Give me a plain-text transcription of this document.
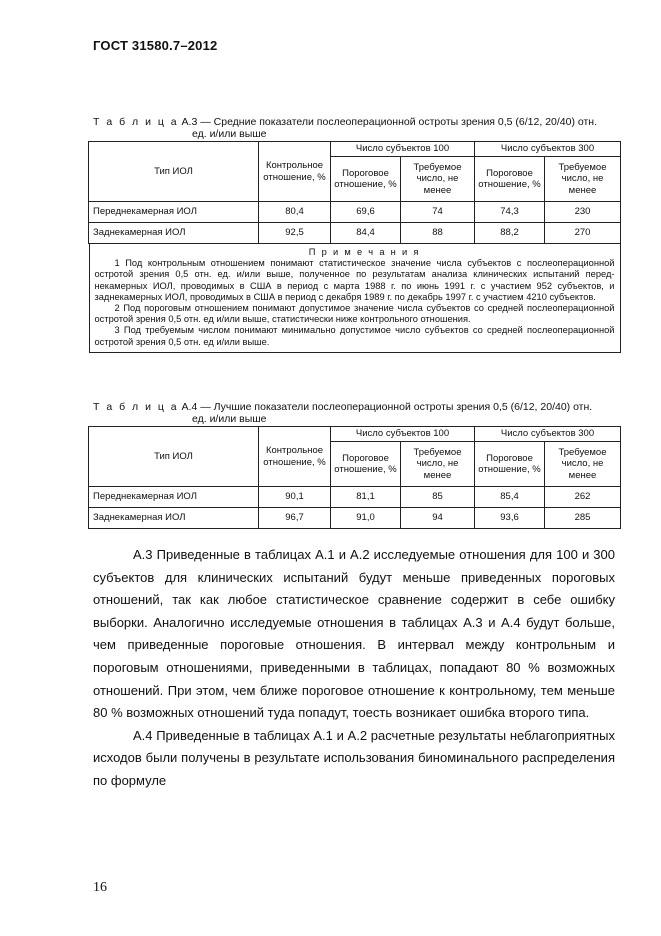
ГОСТ 31580.7–2012
Т а б л и ц а А.3 — Средние показатели послеоперационной остроты зрения 0,5 (6/12, 20/40) отн.
ед. и/или выше
Тип ИОЛ	Контрольное отношение, %	Число субъектов 100		Число субъектов 300	
		Пороговое отношение, %	Требуемое число, не менее	Пороговое отношение, %	Требуемое число, не менее
Переднекамерная ИОЛ	80,4	69,6	74	74,3	230
Заднекамерная ИОЛ	92,5	84,4	88	88,2	270

П р и м е ч а н и я

1 Под контрольным отношением понимают статистическое значение числа субъектов с послеоперационной остротой зрения 0,5 отн. ед. и/или выше, полученное по результатам анализа клинических испытаний перед- некамерных ИОЛ, проводимых в США в период с марта 1988 г. по июнь 1991 г. с участием 952 субъектов, и заднекамерных ИОЛ, проводимых в США в период с декабря 1989 г. по декабрь 1997 г. с участием 4210 субъектов.

2 Под пороговым отношением понимают допустимое значение числа субъектов со средней послеоперационной остротой зрения 0,5 отн. ед и/или выше, статистически ниже контрольного отношения.

3 Под требуемым числом понимают минимально допустимое число субъектов со средней послеоперационной остротой зрения 0,5 отн. ед и/или выше.					

Т а б л и ц а А.4 — Лучшие показатели послеоперационной остроты зрения 0,5 (6/12, 20/40) отн.
ед. и/или выше
Тип ИОЛ	Контрольное отношение, %	Число субъектов 100		Число субъектов 300	
		Пороговое отношение, %	Требуемое число, не менее	Пороговое отношение, %	Требуемое число, не менее
Переднекамерная ИОЛ	90,1	81,1	85	85,4	262
Заднекамерная ИОЛ	96,7	91,0	94	93,6	285

А.3 Приведенные в таблицах А.1 и А.2 исследуемые отношения для 100 и 300 субъектов для клинических испытаний будут меньше приведенных пороговых отношений, так как любое статистическое сравнение содержит в себе ошибку выборки. Аналогично исследуемые отношения в таблицах А.3 и А.4 будут больше, чем приведенные пороговые отношения. В интервал между контрольным и пороговым отношениями, приведенными в таблицах, попадают 80 % возможных отношений. При этом, чем ближе пороговое отношение к контрольному, тем меньше 80 % возможных отношений туда попадут, тоесть возникает ошибка второго типа.

А.4 Приведенные в таблицах А.1 и А.2 расчетные результаты неблагоприятных исходов были получены в результате использования биноминального распределения по формуле

16
